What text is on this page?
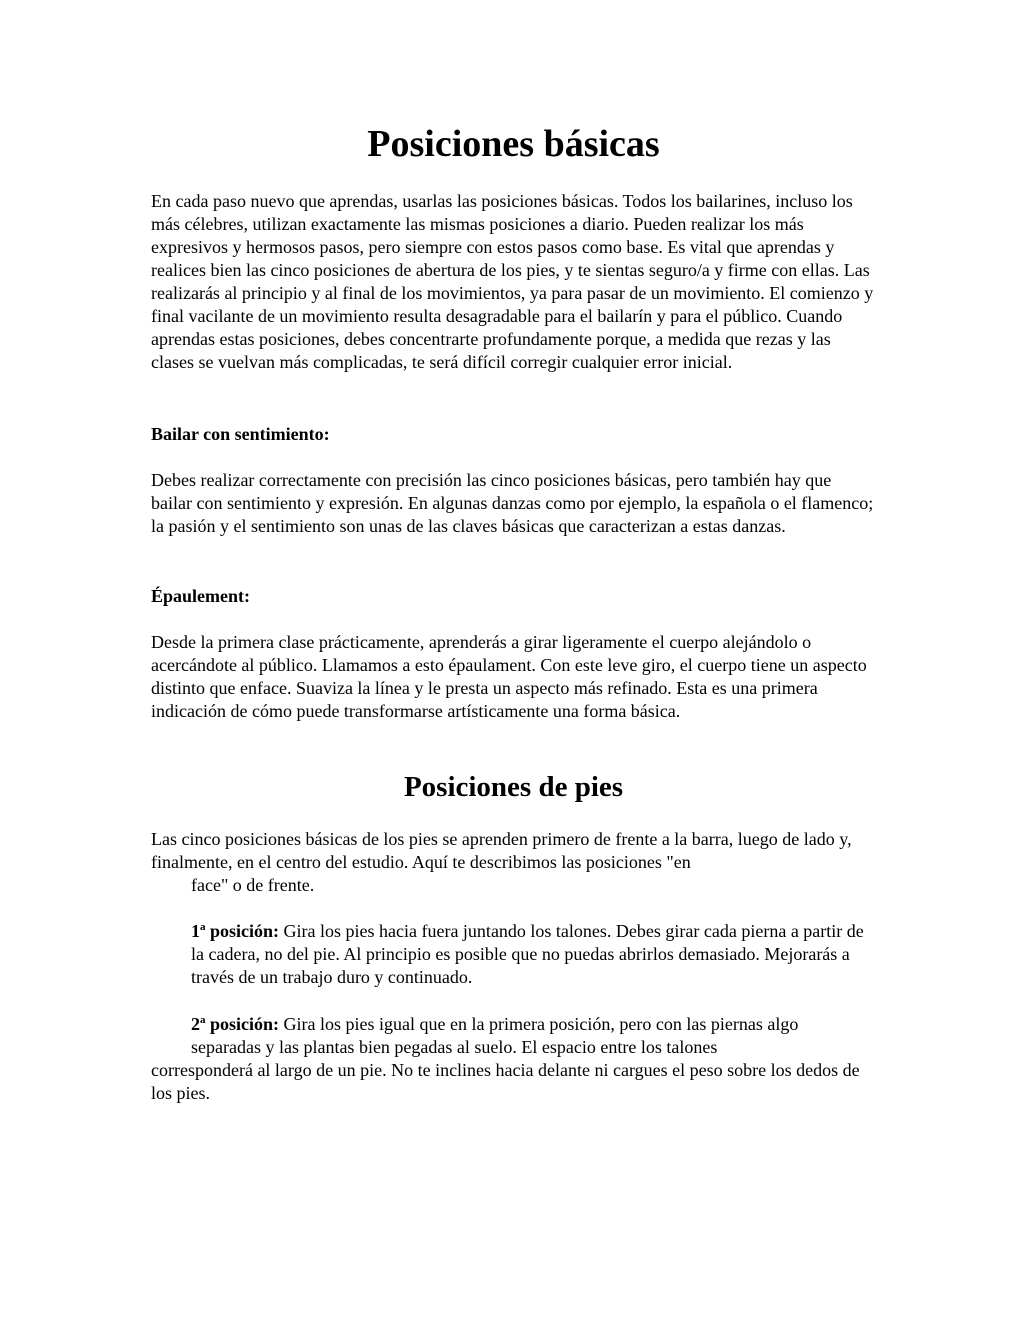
Posiciones básicas

En cada paso nuevo que aprendas, usarlas las posiciones básicas. Todos los bailarines, incluso los más célebres, utilizan exactamente las mismas posiciones a diario. Pueden realizar los más expresivos y hermosos pasos, pero siempre con estos pasos como base. Es vital que aprendas y realices bien las cinco posiciones de abertura de los pies, y te sientas seguro/a y firme con ellas. Las realizarás al principio y al final de los movimientos, ya para pasar de un movimiento. El comienzo y final vacilante de un movimiento resulta desagradable para el bailarín y para el público. Cuando aprendas estas posiciones, debes concentrarte profundamente porque, a medida que rezas y las clases se vuelvan más complicadas, te será difícil corregir cualquier error inicial.

Bailar con sentimiento:

Debes realizar correctamente con precisión las cinco posiciones básicas, pero también hay que bailar con sentimiento y expresión. En algunas danzas como por ejemplo, la española o el flamenco; la pasión y el sentimiento son unas de las claves básicas que caracterizan a estas danzas.

Épaulement:

Desde la primera clase prácticamente, aprenderás a girar ligeramente el cuerpo alejándolo o acercándote al público. Llamamos a esto épaulament. Con este leve giro, el cuerpo tiene un aspecto distinto que enface. Suaviza la línea y le presta un aspecto más refinado. Esta es una primera indicación de cómo puede transformarse artísticamente una forma básica.

Posiciones de pies
Las cinco posiciones básicas de los pies se aprenden primero de frente a la barra, luego de lado y, finalmente, en el centro del estudio. Aquí te describimos las posiciones "en
face" o de frente.
1$^a$ posición: Gira los pies hacia fuera juntando los talones. Debes girar cada pierna a partir de la cadera, no del pie. Al principio es posible que no puedas abrirlos demasiado. Mejorarás a través de un trabajo duro y continuado.
2$^a$ posición: Gira los pies igual que en la primera posición, pero con las piernas algo
separadas y las plantas bien pegadas al suelo. El espacio entre los talones
corresponderá al largo de un pie. No te inclines hacia delante ni cargues el peso sobre los dedos de los pies.
